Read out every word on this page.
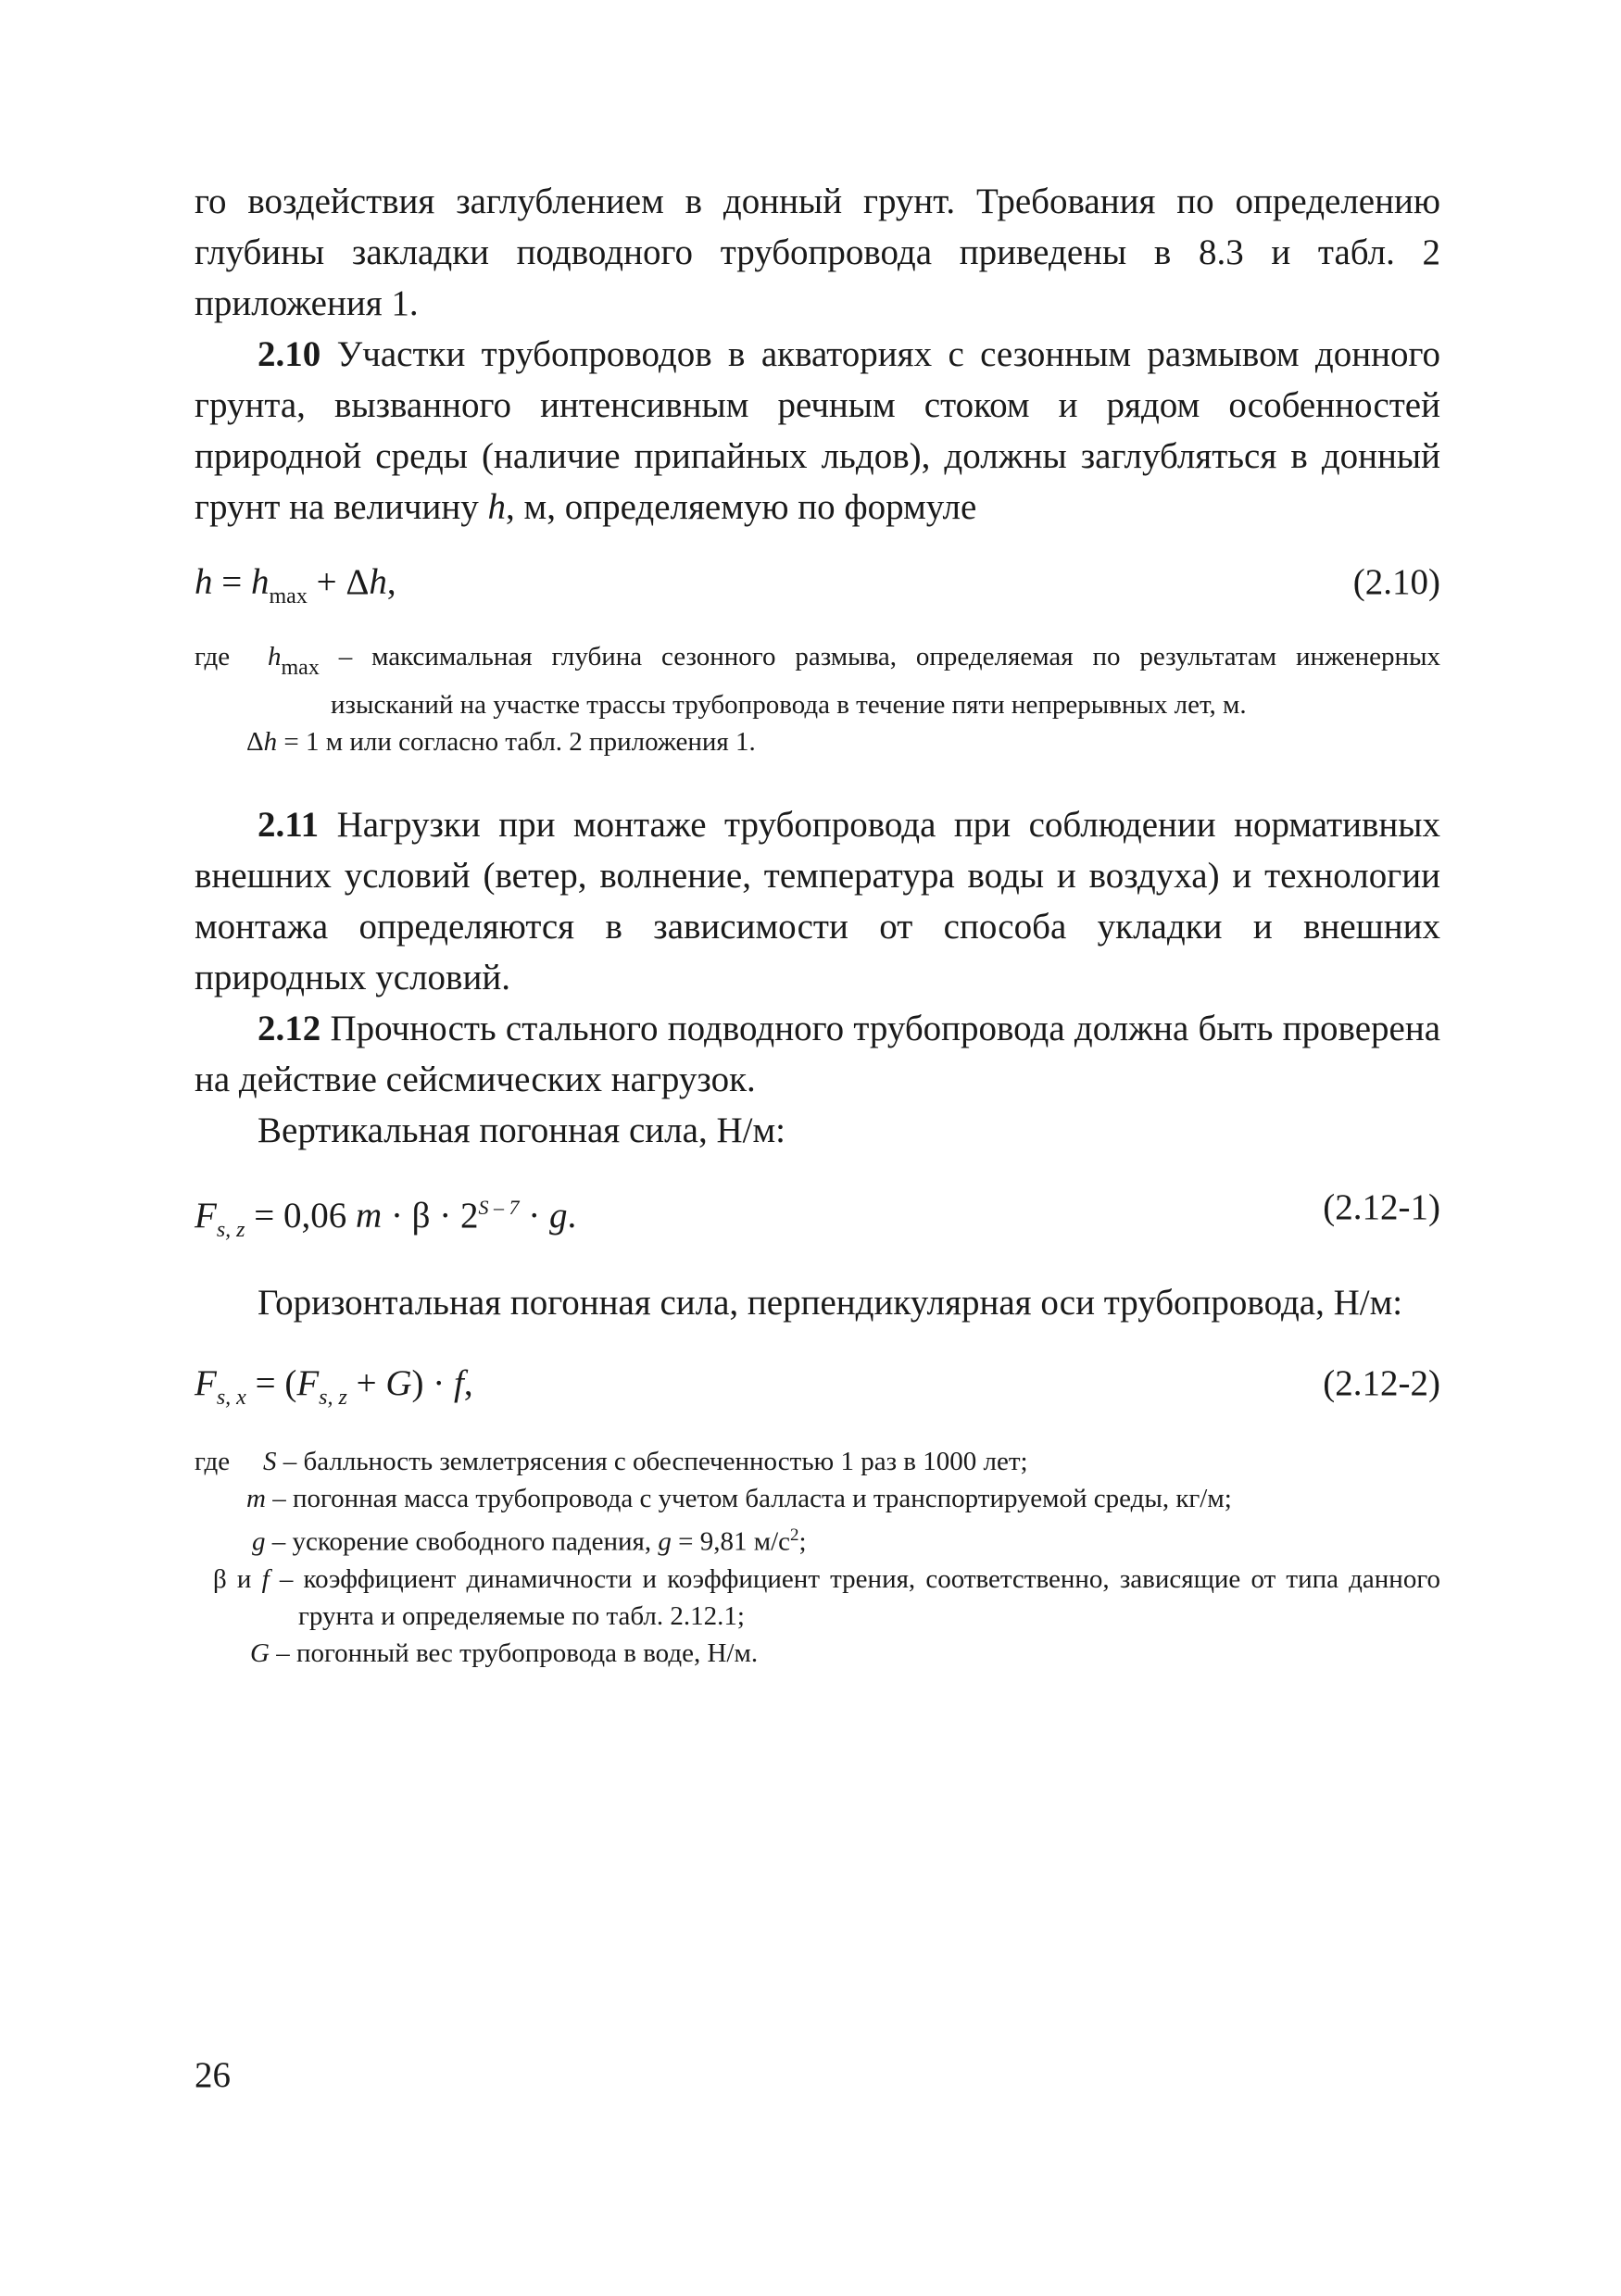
го воздействия заглублением в донный грунт. Требования по определению глубины закладки подводного трубопровода приведены в 8.3 и табл. 2 приложения 1.

2.10 Участки трубопроводов в акваториях с сезонным размывом донного грунта, вызванного интенсивным речным стоком и рядом особенностей природной среды (наличие припайных льдов), должны заглубляться в донный грунт на величину h, м, определяемую по формуле

$h = h_{max} + \Delta h$,	(2.10)
где	$h_{max}$ – максимальная глубина сезонного размыва, определяемая по результатам инженерных изысканий на участке трассы трубопровода в течение пяти непрерывных лет, м.
Δh = 1 м или согласно табл. 2 приложения 1.

2.11 Нагрузки при монтаже трубопровода при соблюдении нормативных внешних условий (ветер, волнение, температура воды и воздуха) и технологии монтажа определяются в зависимости от способа укладки и внешних природных условий.

2.12 Прочность стального подводного трубопровода должна быть проверена на действие сейсмических нагрузок.

Вертикальная погонная сила, Н/м:

$F_{s, z} = 0,06$ $m \cdot \beta \cdot 2^{S - 7} \cdot g$.	(2.12-1)

Горизонтальная погонная сила, перпендикулярная оси трубопровода, Н/м:

$F_{s, x} = (F_{s, z} + G) \cdot f$,	(2.12-2)
где	S – балльность землетрясения с обеспеченностью 1 раз в 1000 лет;
m – погонная масса трубопровода с учетом балласта и транспортируемой среды, кг/м;
g – ускорение свободного падения, g = 9,81 $м/с^2$;
β и f – коэффициент динамичности и коэффициент трения, соответственно, зависящие от типа данного грунта и определяемые по табл. 2.12.1;
G – погонный вес трубопровода в воде, Н/м.
26
